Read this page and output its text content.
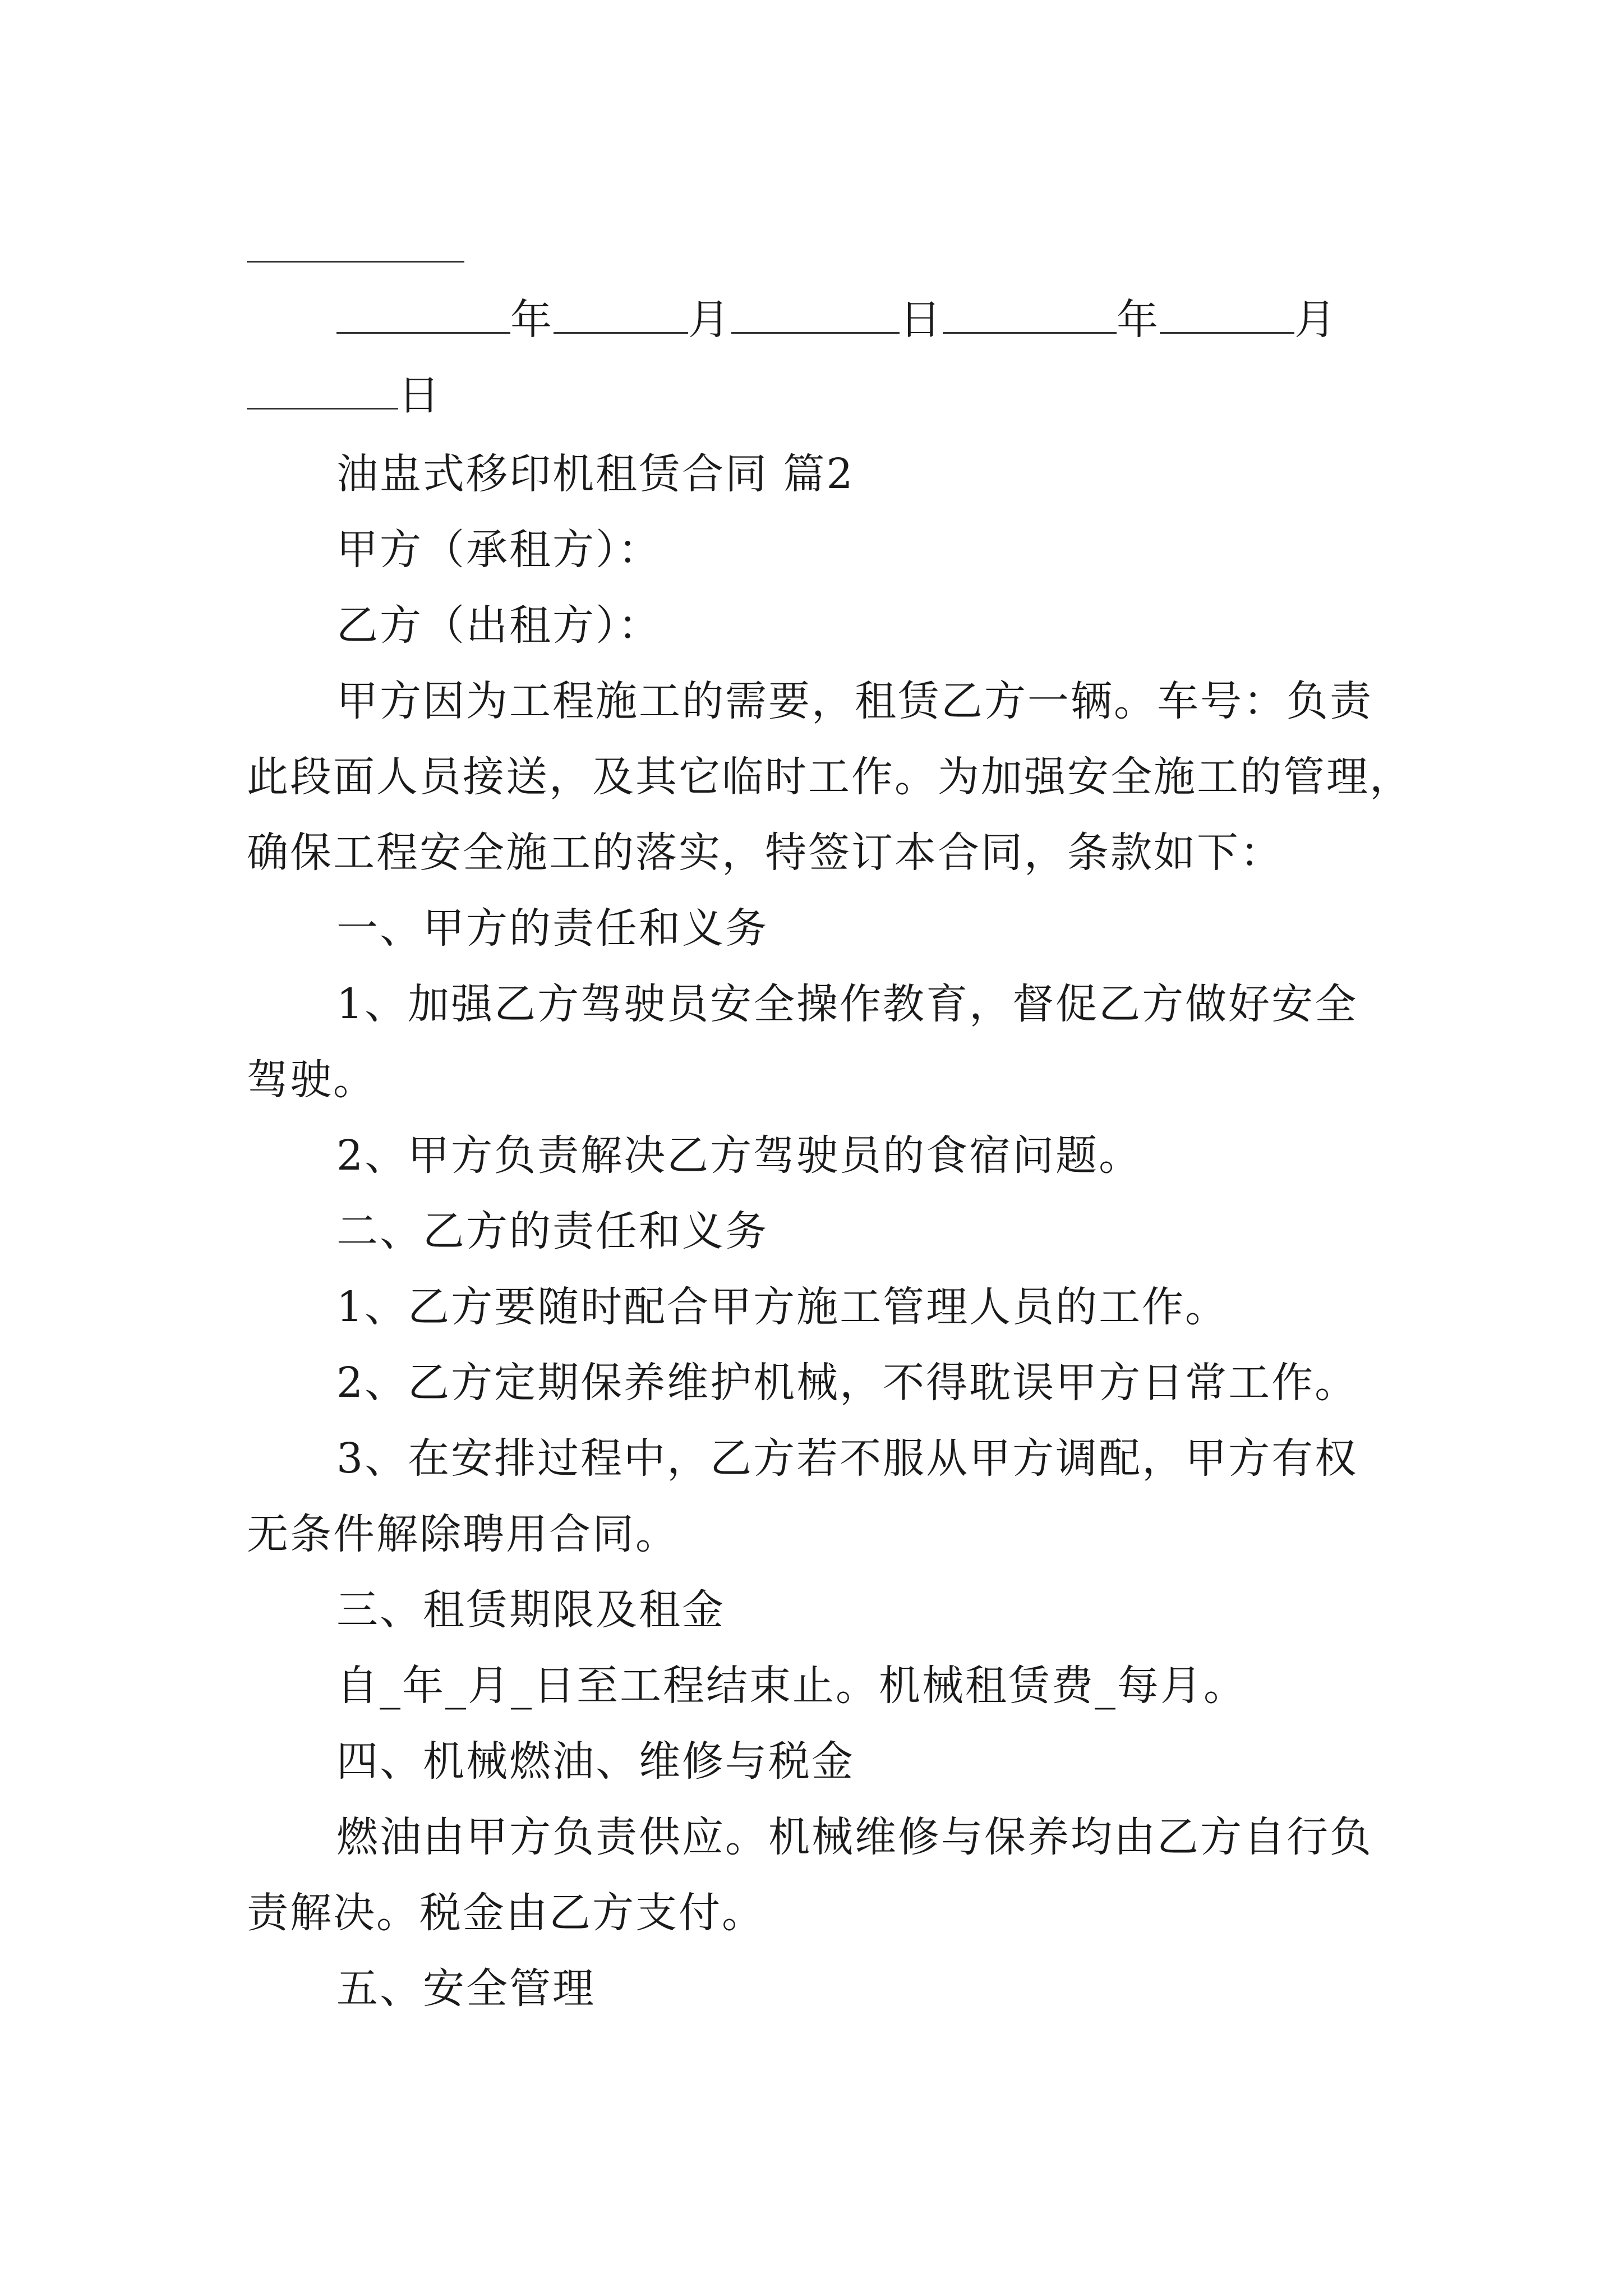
年	月	日	年	月
日
油盅式移印机租赁合同 篇2
甲方（承租方）：
乙方（出租方）：
甲方因为工程施工的需要，租赁乙方一辆。车号：负责
此段面人员接送，及其它临时工作。为加强安全施工的管理，
确保工程安全施工的落实，特签订本合同，条款如下：
一、甲方的责任和义务
1、加强乙方驾驶员安全操作教育，督促乙方做好安全
驾驶。
2、甲方负责解决乙方驾驶员的食宿问题。
二、乙方的责任和义务
1、乙方要随时配合甲方施工管理人员的工作。
2、乙方定期保养维护机械，不得耽误甲方日常工作。
3、在安排过程中，乙方若不服从甲方调配，甲方有权
无条件解除聘用合同。
三、租赁期限及租金
自_年_月_日至工程结束止。机械租赁费_每月。
四、机械燃油、维修与税金
燃油由甲方负责供应。机械维修与保养均由乙方自行负
责解决。税金由乙方支付。
五、安全管理
